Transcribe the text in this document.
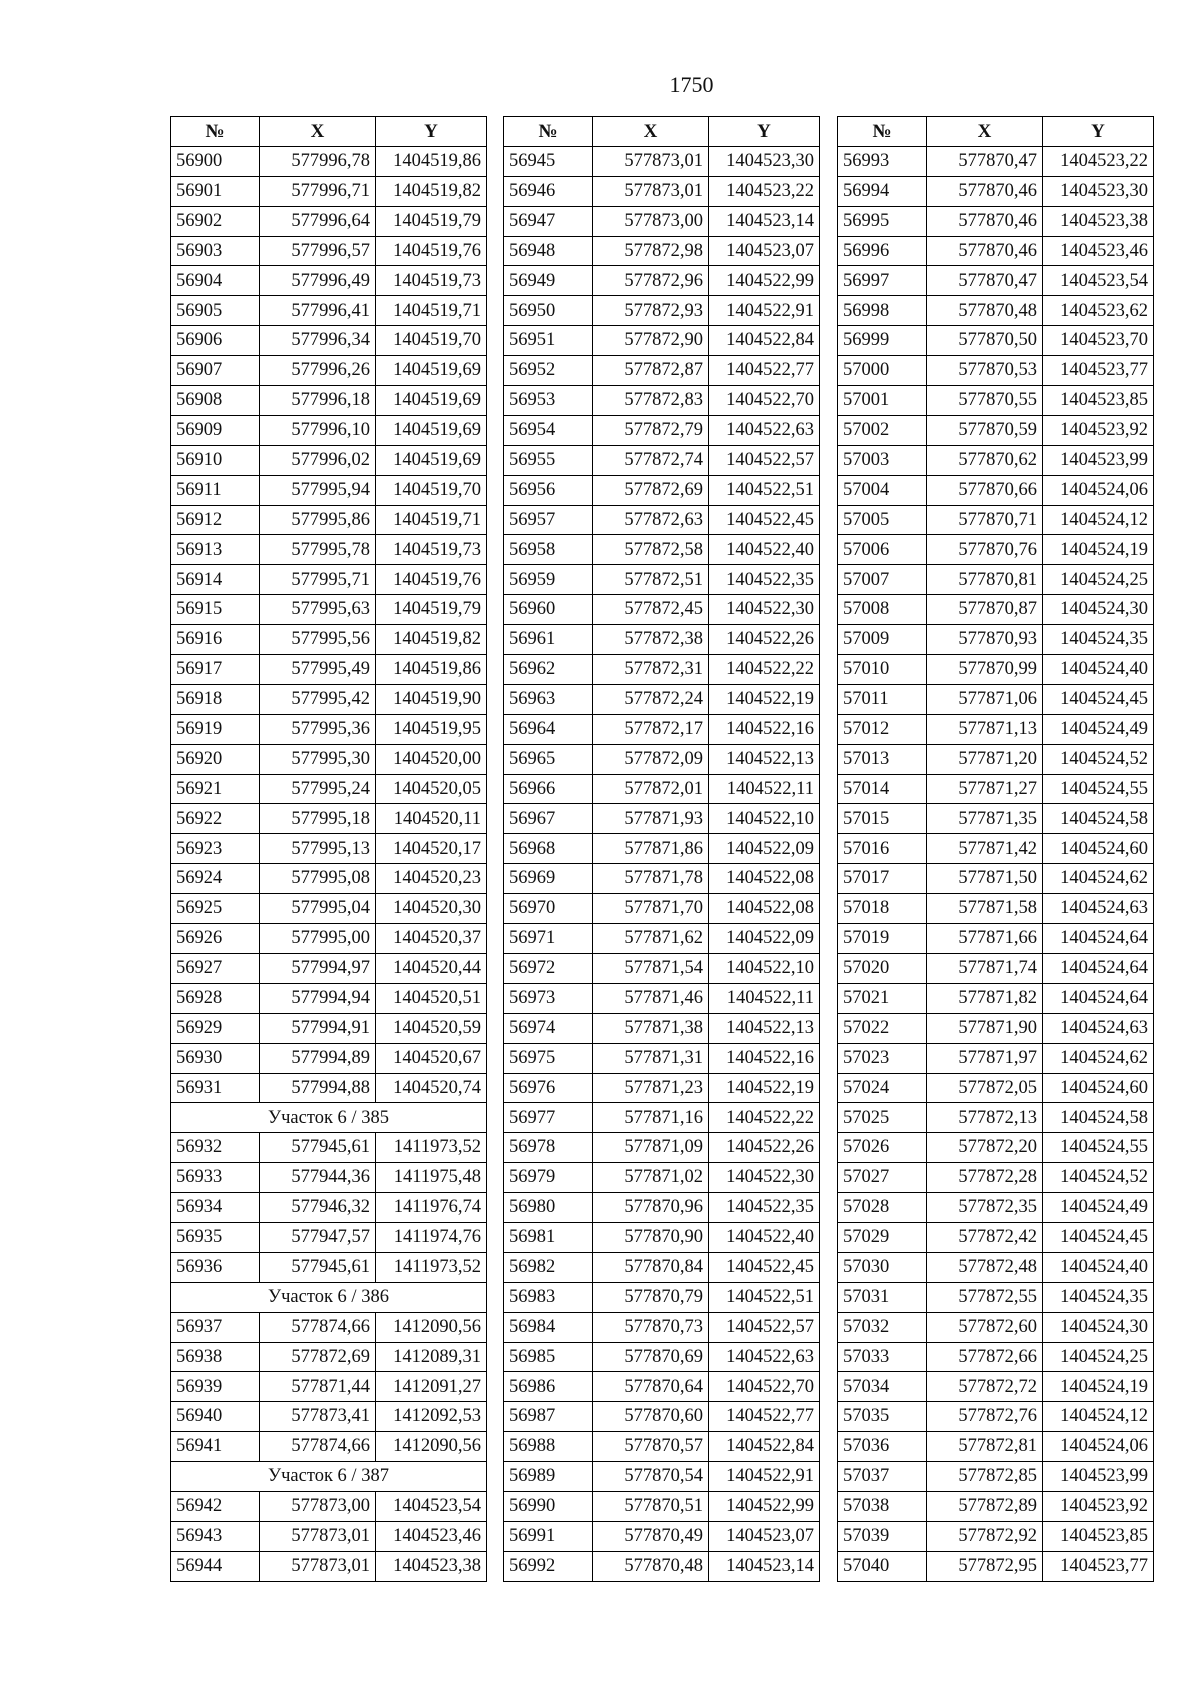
1750
№	X	Y
56900	577996,78	1404519,86
56901	577996,71	1404519,82
56902	577996,64	1404519,79
56903	577996,57	1404519,76
56904	577996,49	1404519,73
56905	577996,41	1404519,71
56906	577996,34	1404519,70
56907	577996,26	1404519,69
56908	577996,18	1404519,69
56909	577996,10	1404519,69
56910	577996,02	1404519,69
56911	577995,94	1404519,70
56912	577995,86	1404519,71
56913	577995,78	1404519,73
56914	577995,71	1404519,76
56915	577995,63	1404519,79
56916	577995,56	1404519,82
56917	577995,49	1404519,86
56918	577995,42	1404519,90
56919	577995,36	1404519,95
56920	577995,30	1404520,00
56921	577995,24	1404520,05
56922	577995,18	1404520,11
56923	577995,13	1404520,17
56924	577995,08	1404520,23
56925	577995,04	1404520,30
56926	577995,00	1404520,37
56927	577994,97	1404520,44
56928	577994,94	1404520,51
56929	577994,91	1404520,59
56930	577994,89	1404520,67
56931	577994,88	1404520,74
Участок 6 / 385		
56932	577945,61	1411973,52
56933	577944,36	1411975,48
56934	577946,32	1411976,74
56935	577947,57	1411974,76
56936	577945,61	1411973,52
Участок 6 / 386		
56937	577874,66	1412090,56
56938	577872,69	1412089,31
56939	577871,44	1412091,27
56940	577873,41	1412092,53
56941	577874,66	1412090,56
Участок 6 / 387		
56942	577873,00	1404523,54
56943	577873,01	1404523,46
56944	577873,01	1404523,38
№	X	Y
56945	577873,01	1404523,30
56946	577873,01	1404523,22
56947	577873,00	1404523,14
56948	577872,98	1404523,07
56949	577872,96	1404522,99
56950	577872,93	1404522,91
56951	577872,90	1404522,84
56952	577872,87	1404522,77
56953	577872,83	1404522,70
56954	577872,79	1404522,63
56955	577872,74	1404522,57
56956	577872,69	1404522,51
56957	577872,63	1404522,45
56958	577872,58	1404522,40
56959	577872,51	1404522,35
56960	577872,45	1404522,30
56961	577872,38	1404522,26
56962	577872,31	1404522,22
56963	577872,24	1404522,19
56964	577872,17	1404522,16
56965	577872,09	1404522,13
56966	577872,01	1404522,11
56967	577871,93	1404522,10
56968	577871,86	1404522,09
56969	577871,78	1404522,08
56970	577871,70	1404522,08
56971	577871,62	1404522,09
56972	577871,54	1404522,10
56973	577871,46	1404522,11
56974	577871,38	1404522,13
56975	577871,31	1404522,16
56976	577871,23	1404522,19
56977	577871,16	1404522,22
56978	577871,09	1404522,26
56979	577871,02	1404522,30
56980	577870,96	1404522,35
56981	577870,90	1404522,40
56982	577870,84	1404522,45
56983	577870,79	1404522,51
56984	577870,73	1404522,57
56985	577870,69	1404522,63
56986	577870,64	1404522,70
56987	577870,60	1404522,77
56988	577870,57	1404522,84
56989	577870,54	1404522,91
56990	577870,51	1404522,99
56991	577870,49	1404523,07
56992	577870,48	1404523,14
№	X	Y
56993	577870,47	1404523,22
56994	577870,46	1404523,30
56995	577870,46	1404523,38
56996	577870,46	1404523,46
56997	577870,47	1404523,54
56998	577870,48	1404523,62
56999	577870,50	1404523,70
57000	577870,53	1404523,77
57001	577870,55	1404523,85
57002	577870,59	1404523,92
57003	577870,62	1404523,99
57004	577870,66	1404524,06
57005	577870,71	1404524,12
57006	577870,76	1404524,19
57007	577870,81	1404524,25
57008	577870,87	1404524,30
57009	577870,93	1404524,35
57010	577870,99	1404524,40
57011	577871,06	1404524,45
57012	577871,13	1404524,49
57013	577871,20	1404524,52
57014	577871,27	1404524,55
57015	577871,35	1404524,58
57016	577871,42	1404524,60
57017	577871,50	1404524,62
57018	577871,58	1404524,63
57019	577871,66	1404524,64
57020	577871,74	1404524,64
57021	577871,82	1404524,64
57022	577871,90	1404524,63
57023	577871,97	1404524,62
57024	577872,05	1404524,60
57025	577872,13	1404524,58
57026	577872,20	1404524,55
57027	577872,28	1404524,52
57028	577872,35	1404524,49
57029	577872,42	1404524,45
57030	577872,48	1404524,40
57031	577872,55	1404524,35
57032	577872,60	1404524,30
57033	577872,66	1404524,25
57034	577872,72	1404524,19
57035	577872,76	1404524,12
57036	577872,81	1404524,06
57037	577872,85	1404523,99
57038	577872,89	1404523,92
57039	577872,92	1404523,85
57040	577872,95	1404523,77
